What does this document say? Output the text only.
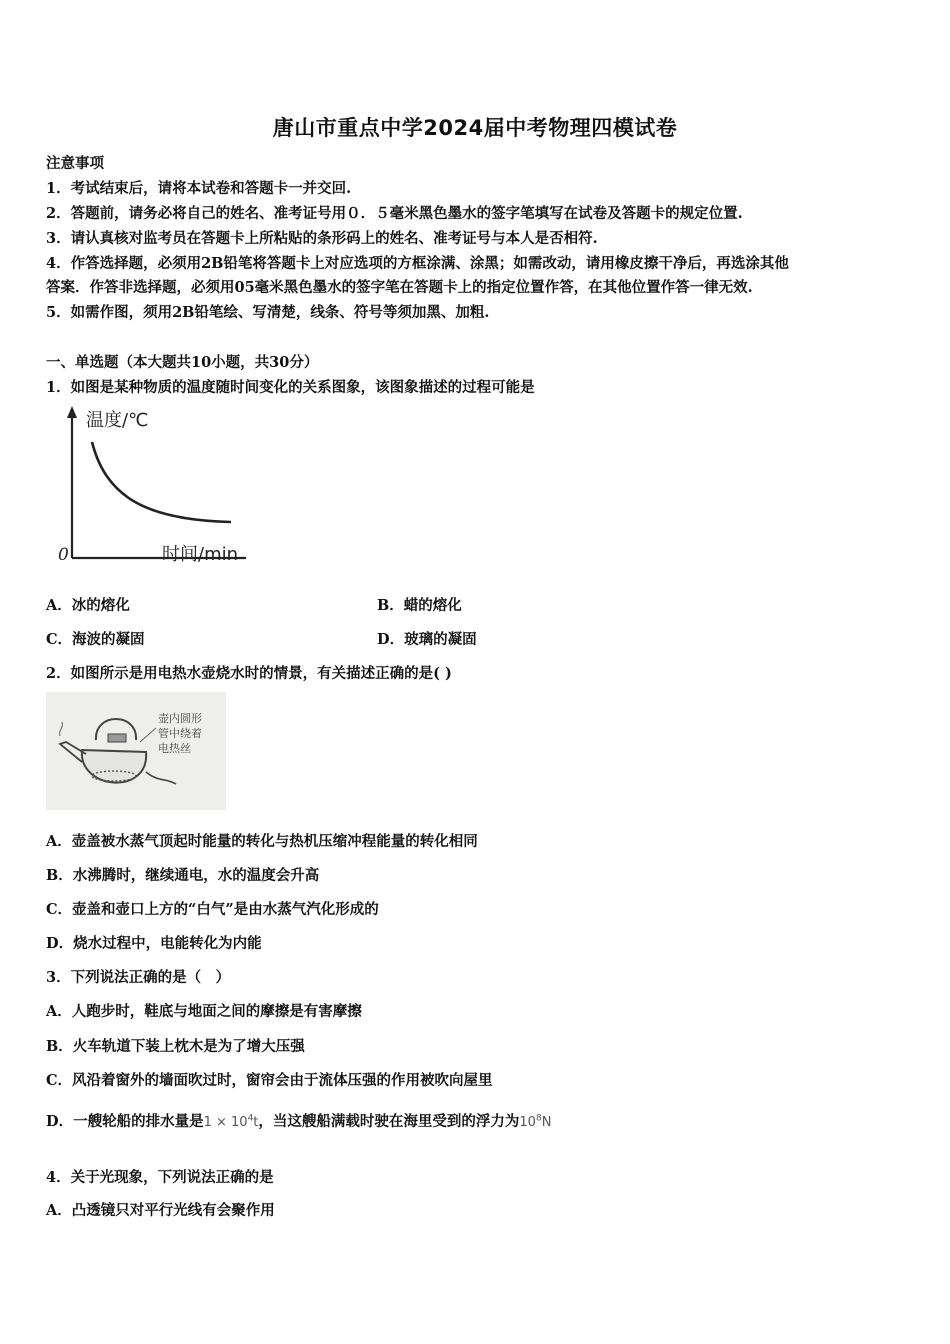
唐山市重点中学2024届中考物理四模试卷
注意事项
1．考试结束后，请将本试卷和答题卡一并交回.
2．答题前，请务必将自己的姓名、准考证号用０．５毫米黑色墨水的签字笔填写在试卷及答题卡的规定位置.
3．请认真核对监考员在答题卡上所粘贴的条形码上的姓名、准考证号与本人是否相符.
4．作答选择题，必须用2B铅笔将答题卡上对应选项的方框涂满、涂黑；如需改动，请用橡皮擦干净后，再选涂其他
答案．作答非选择题，必须用05毫米黑色墨水的签字笔在答题卡上的指定位置作答，在其他位置作答一律无效.
5．如需作图，须用2B铅笔绘、写清楚，线条、符号等须加黑、加粗.
一、单选题（本大题共10小题，共30分）
1．如图是某种物质的温度随时间变化的关系图象，该图象描述的过程可能是
温度/℃
0	时间/min
A．冰的熔化	B．蜡的熔化
C．海波的凝固	D．玻璃的凝固
2．如图所示是用电热水壶烧水时的情景，有关描述正确的是( )
壶内圆形
管中绕着
电热丝
A．壶盖被水蒸气顶起时能量的转化与热机压缩冲程能量的转化相同
B．水沸腾时，继续通电，水的温度会升高
C．壶盖和壶口上方的“白气”是由水蒸气汽化形成的
D．烧水过程中，电能转化为内能
3．下列说法正确的是（　）
A．人跑步时，鞋底与地面之间的摩擦是有害摩擦
B．火车轨道下装上枕木是为了增大压强
C．风沿着窗外的墙面吹过时，窗帘会由于流体压强的作用被吹向屋里
D．一艘轮船的排水量是$1 \times 10^4t$，当这艘船满载时驶在海里受到的浮力为$10^8N$
4．关于光现象，下列说法正确的是
A．凸透镜只对平行光线有会聚作用
